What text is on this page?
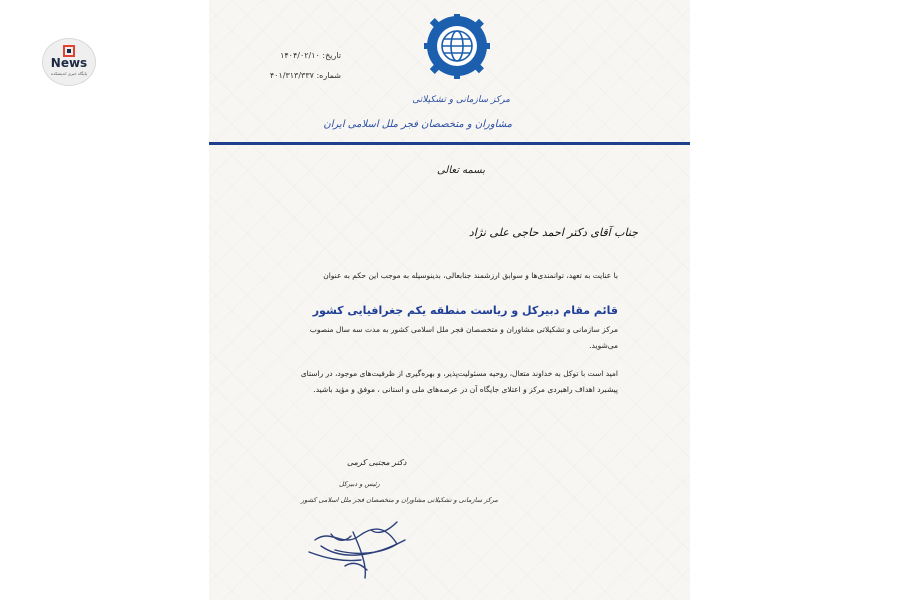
News
پایگاه خبری اندیشکده
مرکز سازمانی و تشکیلاتی
مشاوران و متخصصان فجر ملل اسلامی ایران
تاریخ: ۱۴۰۴/۰۲/۱۰
شماره: ۴۰۱/۳۱۳/۳۳۷
بسمه تعالی
جناب آقای دکتر احمد حاجی علی نژاد
با عنایت به تعهد، توانمندی‌ها و سوابق ارزشمند جنابعالی، بدینوسیله به موجب این حکم به عنوان
قائم مقام دبیرکل و ریاست منطقه یکم جغرافیایی کشور
مرکز سازمانی و تشکیلاتی مشاوران و متخصصان فجر ملل اسلامی کشور به مدت سه سال منصوب می‌شوید.
امید است با توکل به خداوند متعال، روحیه مسئولیت‌پذیر، و بهره‌گیری از ظرفیت‌های موجود، در راستای پیشبرد اهداف راهبردی مرکز و اعتلای جایگاه آن در عرصه‌های ملی و استانی ، موفق و مؤید باشید.
دکتر مجتبی کرمی
رئیس و دبیرکل
مرکز سازمانی و تشکیلاتی مشاوران و متخصصان فجر ملل اسلامی کشور
